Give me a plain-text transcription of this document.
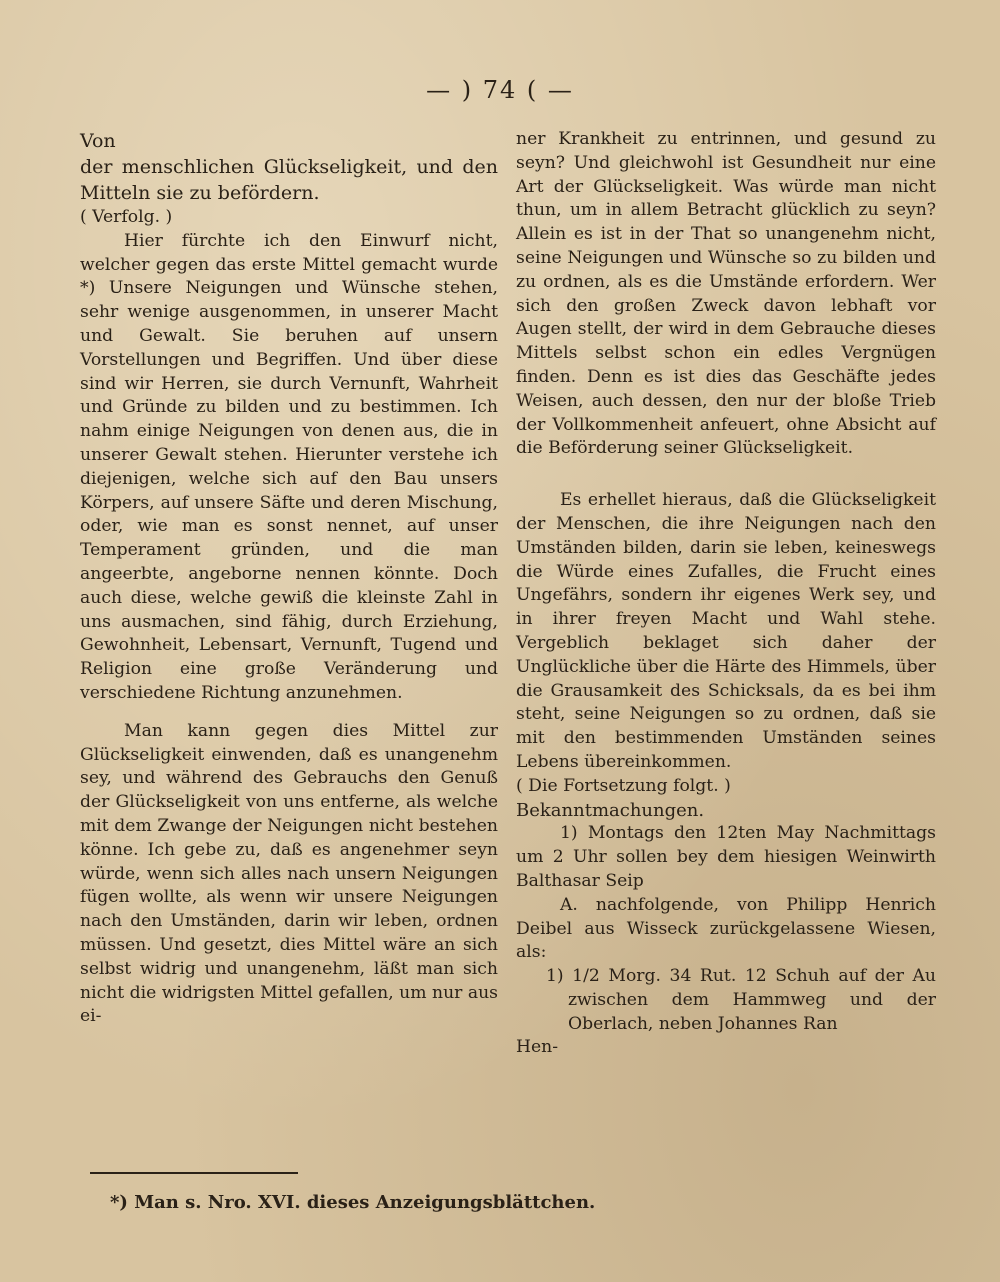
— ) 74 ( —

Von
der menschlichen Glückseligkeit, und den Mitteln sie zu befördern.

( Verfolg. )

Hier fürchte ich den Einwurf nicht, welcher gegen das erste Mittel gemacht wurde *) Unsere Neigungen und Wünsche stehen, sehr wenige ausgenommen, in unserer Macht und Gewalt. Sie beruhen auf unsern Vorstellungen und Begriffen. Und über diese sind wir Herren, sie durch Vernunft, Wahrheit und Gründe zu bilden und zu bestimmen. Ich nahm einige Neigungen von denen aus, die in unserer Gewalt stehen. Hierunter verstehe ich diejenigen, welche sich auf den Bau unsers Körpers, auf unsere Säfte und deren Mischung, oder, wie man es sonst nennet, auf unser Temperament gründen, und die man angeerbte, angeborne nennen könnte. Doch auch diese, welche gewiß die kleinste Zahl in uns ausmachen, sind fähig, durch Erziehung, Gewohnheit, Lebensart, Vernunft, Tugend und Religion eine große Veränderung und verschiedene Richtung anzunehmen.

Man kann gegen dies Mittel zur Glückseligkeit einwenden, daß es unangenehm sey, und während des Gebrauchs den Genuß der Glückseligkeit von uns entferne, als welche mit dem Zwange der Neigungen nicht bestehen könne. Ich gebe zu, daß es angenehmer seyn würde, wenn sich alles nach unsern Neigungen fügen wollte, als wenn wir unsere Neigungen nach den Umständen, darin wir leben, ordnen müssen. Und gesetzt, dies Mittel wäre an sich selbst widrig und unangenehm, läßt man sich nicht die widrigsten Mittel gefallen, um nur aus ei-

ner Krankheit zu entrinnen, und gesund zu seyn? Und gleichwohl ist Gesundheit nur eine Art der Glückseligkeit. Was würde man nicht thun, um in allem Betracht glücklich zu seyn? Allein es ist in der That so unangenehm nicht, seine Neigungen und Wünsche so zu bilden und zu ordnen, als es die Umstände erfordern. Wer sich den großen Zweck davon lebhaft vor Augen stellt, der wird in dem Gebrauche dieses Mittels selbst schon ein edles Vergnügen finden. Denn es ist dies das Geschäfte jedes Weisen, auch dessen, den nur der bloße Trieb der Vollkommenheit anfeuert, ohne Absicht auf die Beförderung seiner Glückseligkeit.

Es erhellet hieraus, daß die Glückseligkeit der Menschen, die ihre Neigungen nach den Umständen bilden, darin sie leben, keineswegs die Würde eines Zufalles, die Frucht eines Ungefährs, sondern ihr eigenes Werk sey, und in ihrer freyen Macht und Wahl stehe. Vergeblich beklaget sich daher der Unglückliche über die Härte des Himmels, über die Grausamkeit des Schicksals, da es bei ihm steht, seine Neigungen so zu ordnen, daß sie mit den bestimmenden Umständen seines Lebens übereinkommen.

( Die Fortsetzung folgt. )

Bekanntmachungen.

1) Montags den 12ten May Nachmittags um 2 Uhr sollen bey dem hiesigen Weinwirth Balthasar Seip

A. nachfolgende, von Philipp Henrich Deibel aus Wisseck zurückgelassene Wiesen, als:

1) 1/2 Morg. 34 Rut. 12 Schuh auf der Au zwischen dem Hammweg und der Oberlach, neben Johannes Ran

Hen-

*) Man s. Nro. XVI. dieses Anzeigungsblättchen.
